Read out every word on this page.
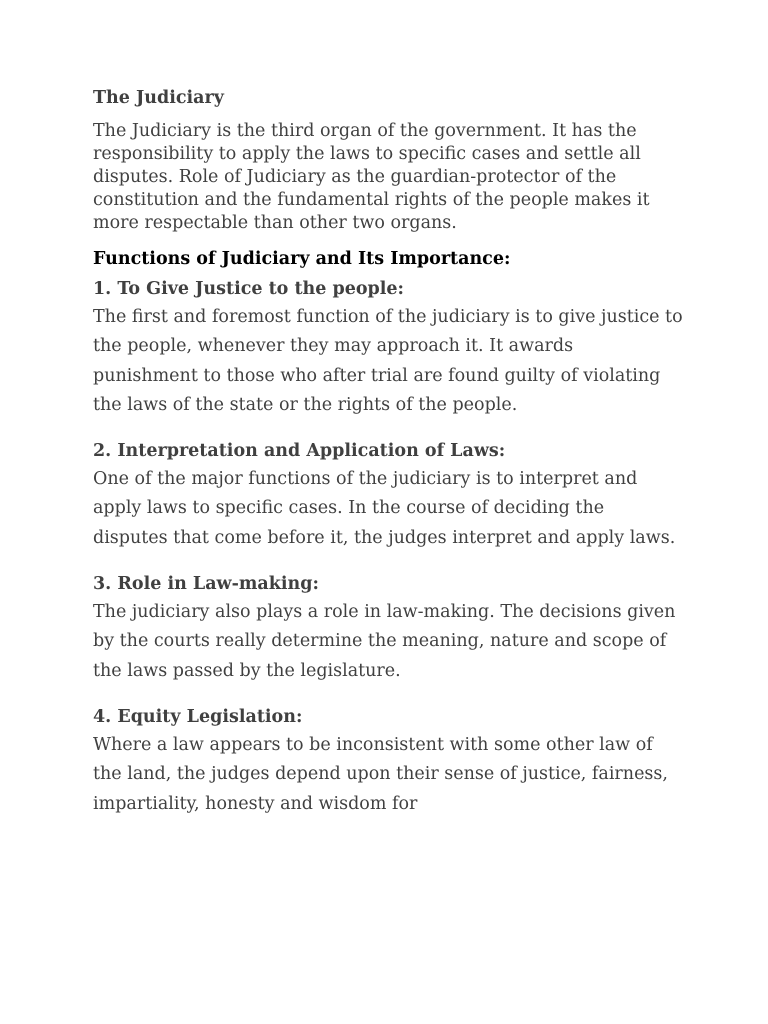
The Judiciary

The Judiciary is the third organ of the government. It has the responsibility to apply the laws to specific cases and settle all disputes. Role of Judiciary as the guardian-protector of the constitution and the fundamental rights of the people makes it more respectable than other two organs.

Functions of Judiciary and Its Importance:
1. To Give Justice to the people:

The first and foremost function of the judiciary is to give justice to the people, whenever they may approach it. It awards punishment to those who after trial are found guilty of violating the laws of the state or the rights of the people.

2. Interpretation and Application of Laws:

One of the major functions of the judiciary is to interpret and apply laws to specific cases. In the course of deciding the disputes that come before it, the judges interpret and apply laws.

3. Role in Law-making:

The judiciary also plays a role in law-making. The decisions given by the courts really determine the meaning, nature and scope of the laws passed by the legislature.

4. Equity Legislation:

Where a law appears to be inconsistent with some other law of the land, the judges depend upon their sense of justice, fairness, impartiality, honesty and wisdom for
